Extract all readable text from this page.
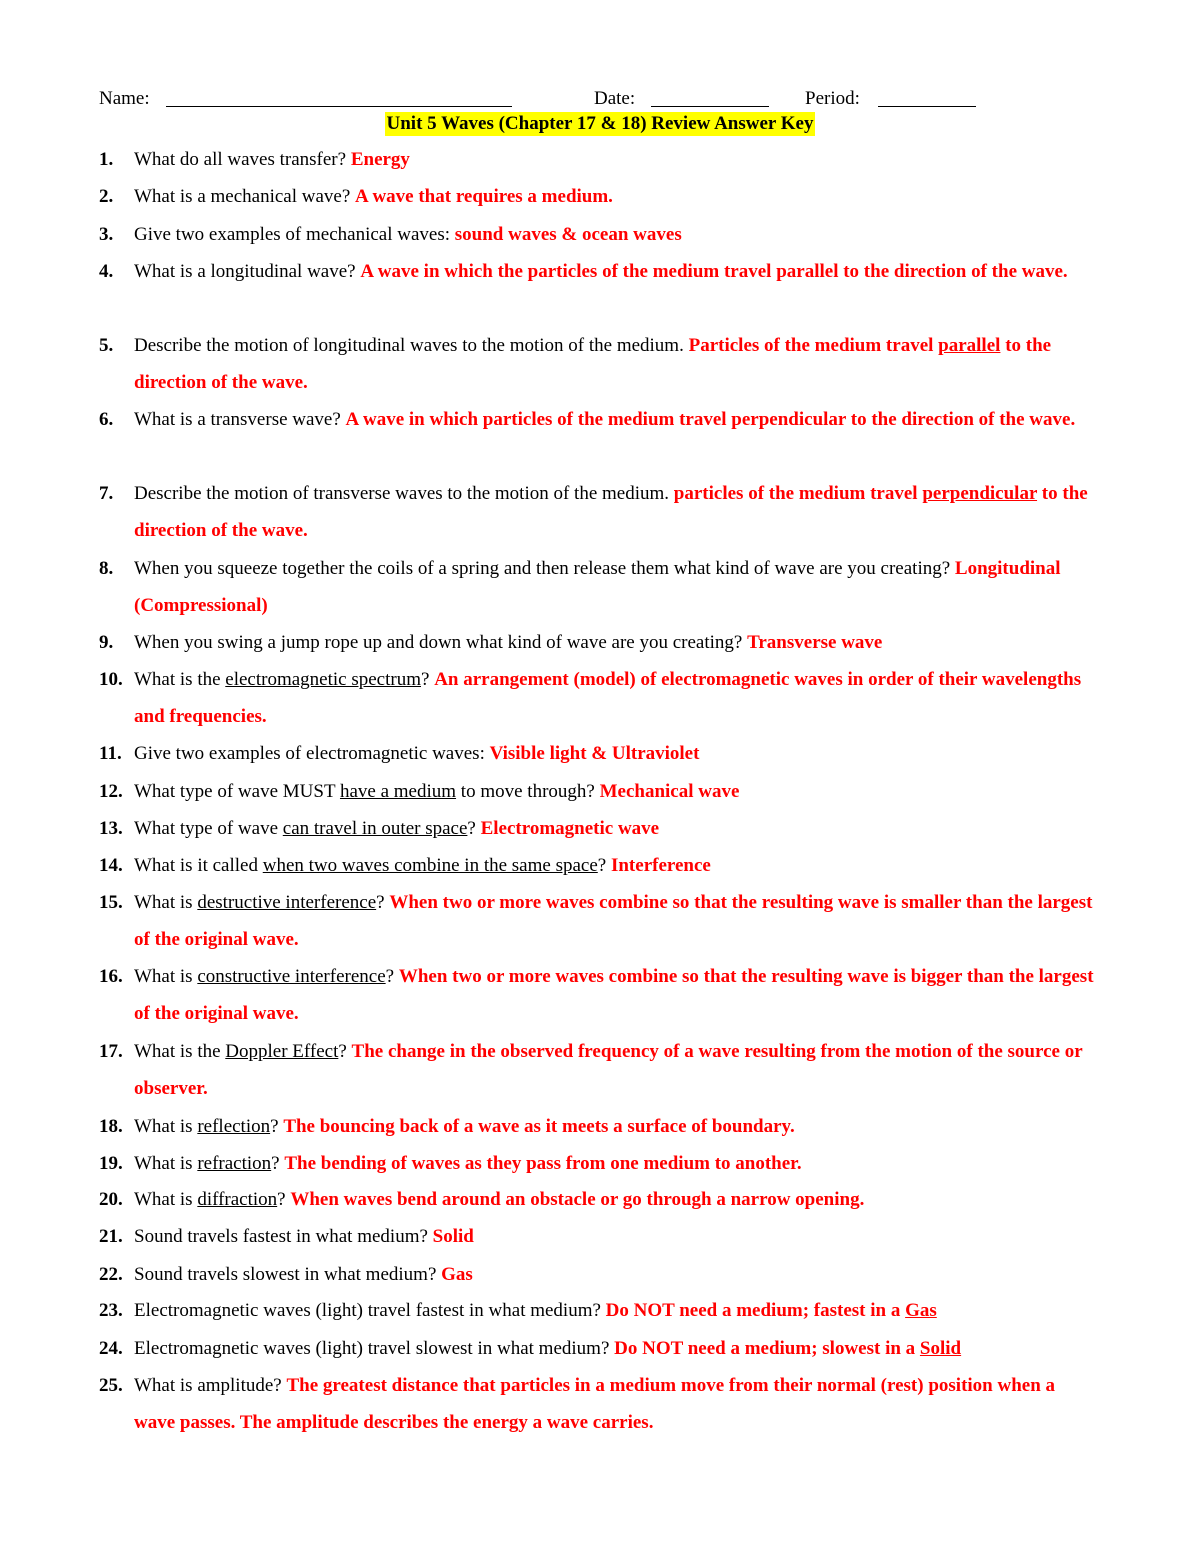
Name:	Date:	Period:
Unit 5 Waves (Chapter 17 & 18) Review Answer Key
1. What do all waves transfer? Energy
2. What is a mechanical wave? A wave that requires a medium.
3. Give two examples of mechanical waves: sound waves & ocean waves
4. What is a longitudinal wave? A wave in which the particles of the medium travel parallel to the direction of the wave.
5. Describe the motion of longitudinal waves to the motion of the medium. Particles of the medium travel parallel to the direction of the wave.
6. What is a transverse wave? A wave in which particles of the medium travel perpendicular to the direction of the wave.
7. Describe the motion of transverse waves to the motion of the medium. particles of the medium travel perpendicular to the direction of the wave.
8. When you squeeze together the coils of a spring and then release them what kind of wave are you creating? Longitudinal (Compressional)
9. When you swing a jump rope up and down what kind of wave are you creating? Transverse wave
10. What is the electromagnetic spectrum? An arrangement (model) of electromagnetic waves in order of their wavelengths and frequencies.
11. Give two examples of electromagnetic waves: Visible light & Ultraviolet
12. What type of wave MUST have a medium to move through? Mechanical wave
13. What type of wave can travel in outer space? Electromagnetic wave
14. What is it called when two waves combine in the same space? Interference
15. What is destructive interference? When two or more waves combine so that the resulting wave is smaller than the largest of the original wave.
16. What is constructive interference? When two or more waves combine so that the resulting wave is bigger than the largest of the original wave.
17. What is the Doppler Effect? The change in the observed frequency of a wave resulting from the motion of the source or observer.
18. What is reflection? The bouncing back of a wave as it meets a surface of boundary.
19. What is refraction? The bending of waves as they pass from one medium to another.
20. What is diffraction? When waves bend around an obstacle or go through a narrow opening.
21. Sound travels fastest in what medium? Solid
22. Sound travels slowest in what medium? Gas
23. Electromagnetic waves (light) travel fastest in what medium? Do NOT need a medium; fastest in a Gas
24. Electromagnetic waves (light) travel slowest in what medium? Do NOT need a medium; slowest in a Solid
25. What is amplitude? The greatest distance that particles in a medium move from their normal (rest) position when a wave passes. The amplitude describes the energy a wave carries.
